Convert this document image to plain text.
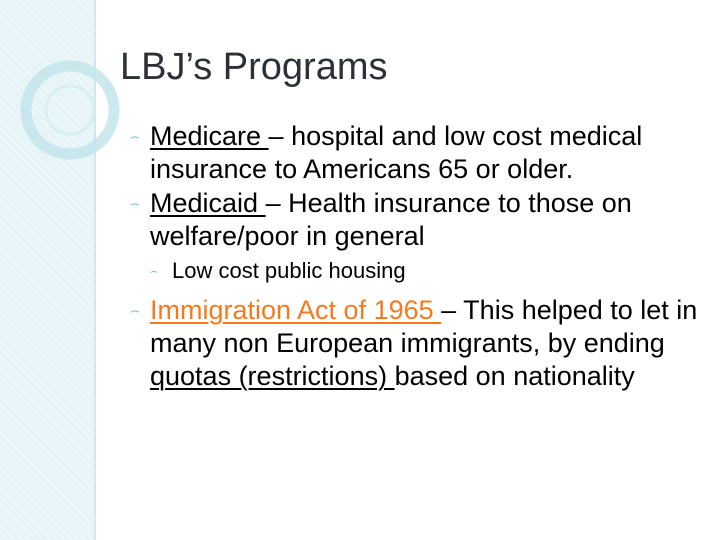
LBJ’s Programs
⌢ Medicare – hospital and low cost medical insurance to Americans 65 or older.
⌢ Medicaid – Health insurance to those on welfare/poor in general
⌢ Low cost public housing
⌢ Immigration Act of 1965 – This helped to let in many non European immigrants, by ending quotas (restrictions) based on nationality
